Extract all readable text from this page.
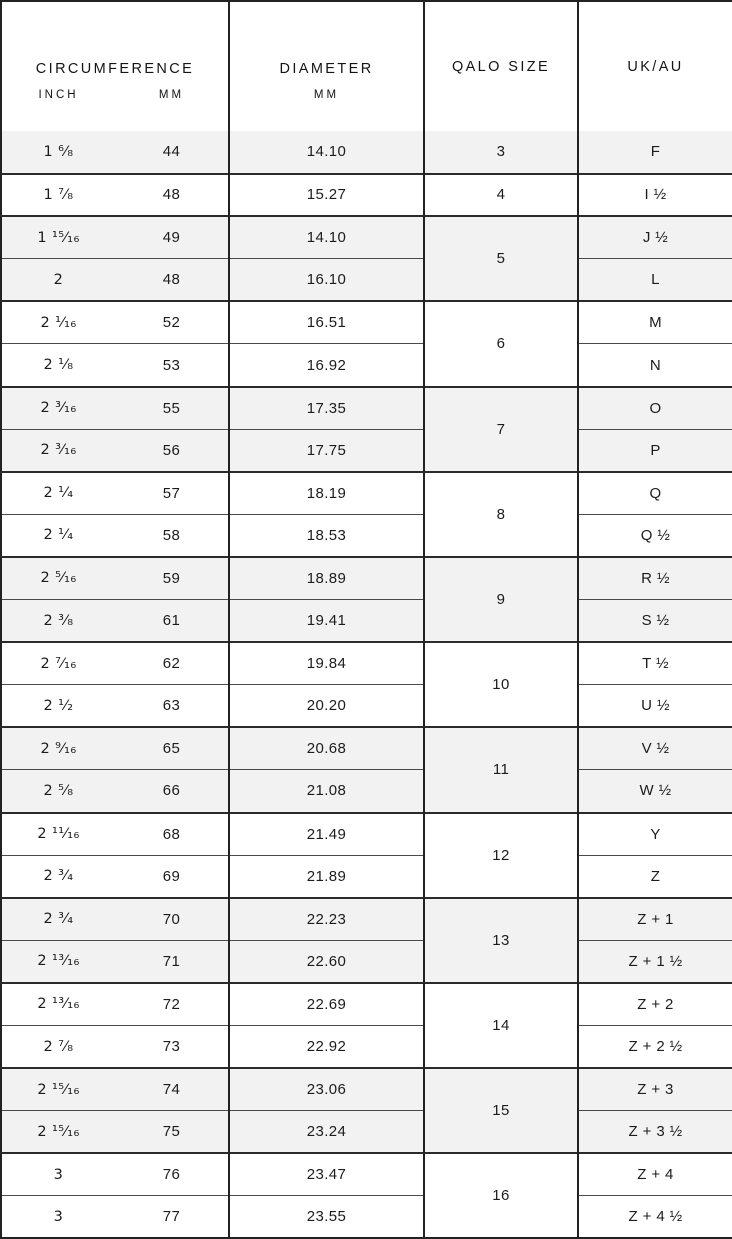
CIRCUMFERENCE		DIAMETER	QALO SIZE	UK/AU
INCH	MM	MM		
1 ⁶⁄₈	44	14.10	3	F
1 ⁷⁄₈	48	15.27	4	I ½
1 ¹⁵⁄₁₆	49	14.10	5	J ½
2	48	16.10		L
2 ¹⁄₁₆	52	16.51	6	M
2 ¹⁄₈	53	16.92		N
2 ³⁄₁₆	55	17.35	7	O
2 ³⁄₁₆	56	17.75		P
2 ¹⁄₄	57	18.19	8	Q
2 ¹⁄₄	58	18.53		Q ½
2 ⁵⁄₁₆	59	18.89	9	R ½
2 ³⁄₈	61	19.41		S ½
2 ⁷⁄₁₆	62	19.84	10	T ½
2 ¹⁄₂	63	20.20		U ½
2 ⁹⁄₁₆	65	20.68	11	V ½
2 ⁵⁄₈	66	21.08		W ½
2 ¹¹⁄₁₆	68	21.49	12	Y
2 ³⁄₄	69	21.89		Z
2 ³⁄₄	70	22.23	13	Z + 1
2 ¹³⁄₁₆	71	22.60		Z + 1 ½
2 ¹³⁄₁₆	72	22.69	14	Z + 2
2 ⁷⁄₈	73	22.92		Z + 2 ½
2 ¹⁵⁄₁₆	74	23.06	15	Z + 3
2 ¹⁵⁄₁₆	75	23.24		Z + 3 ½
3	76	23.47	16	Z + 4
3	77	23.55		Z + 4 ½
